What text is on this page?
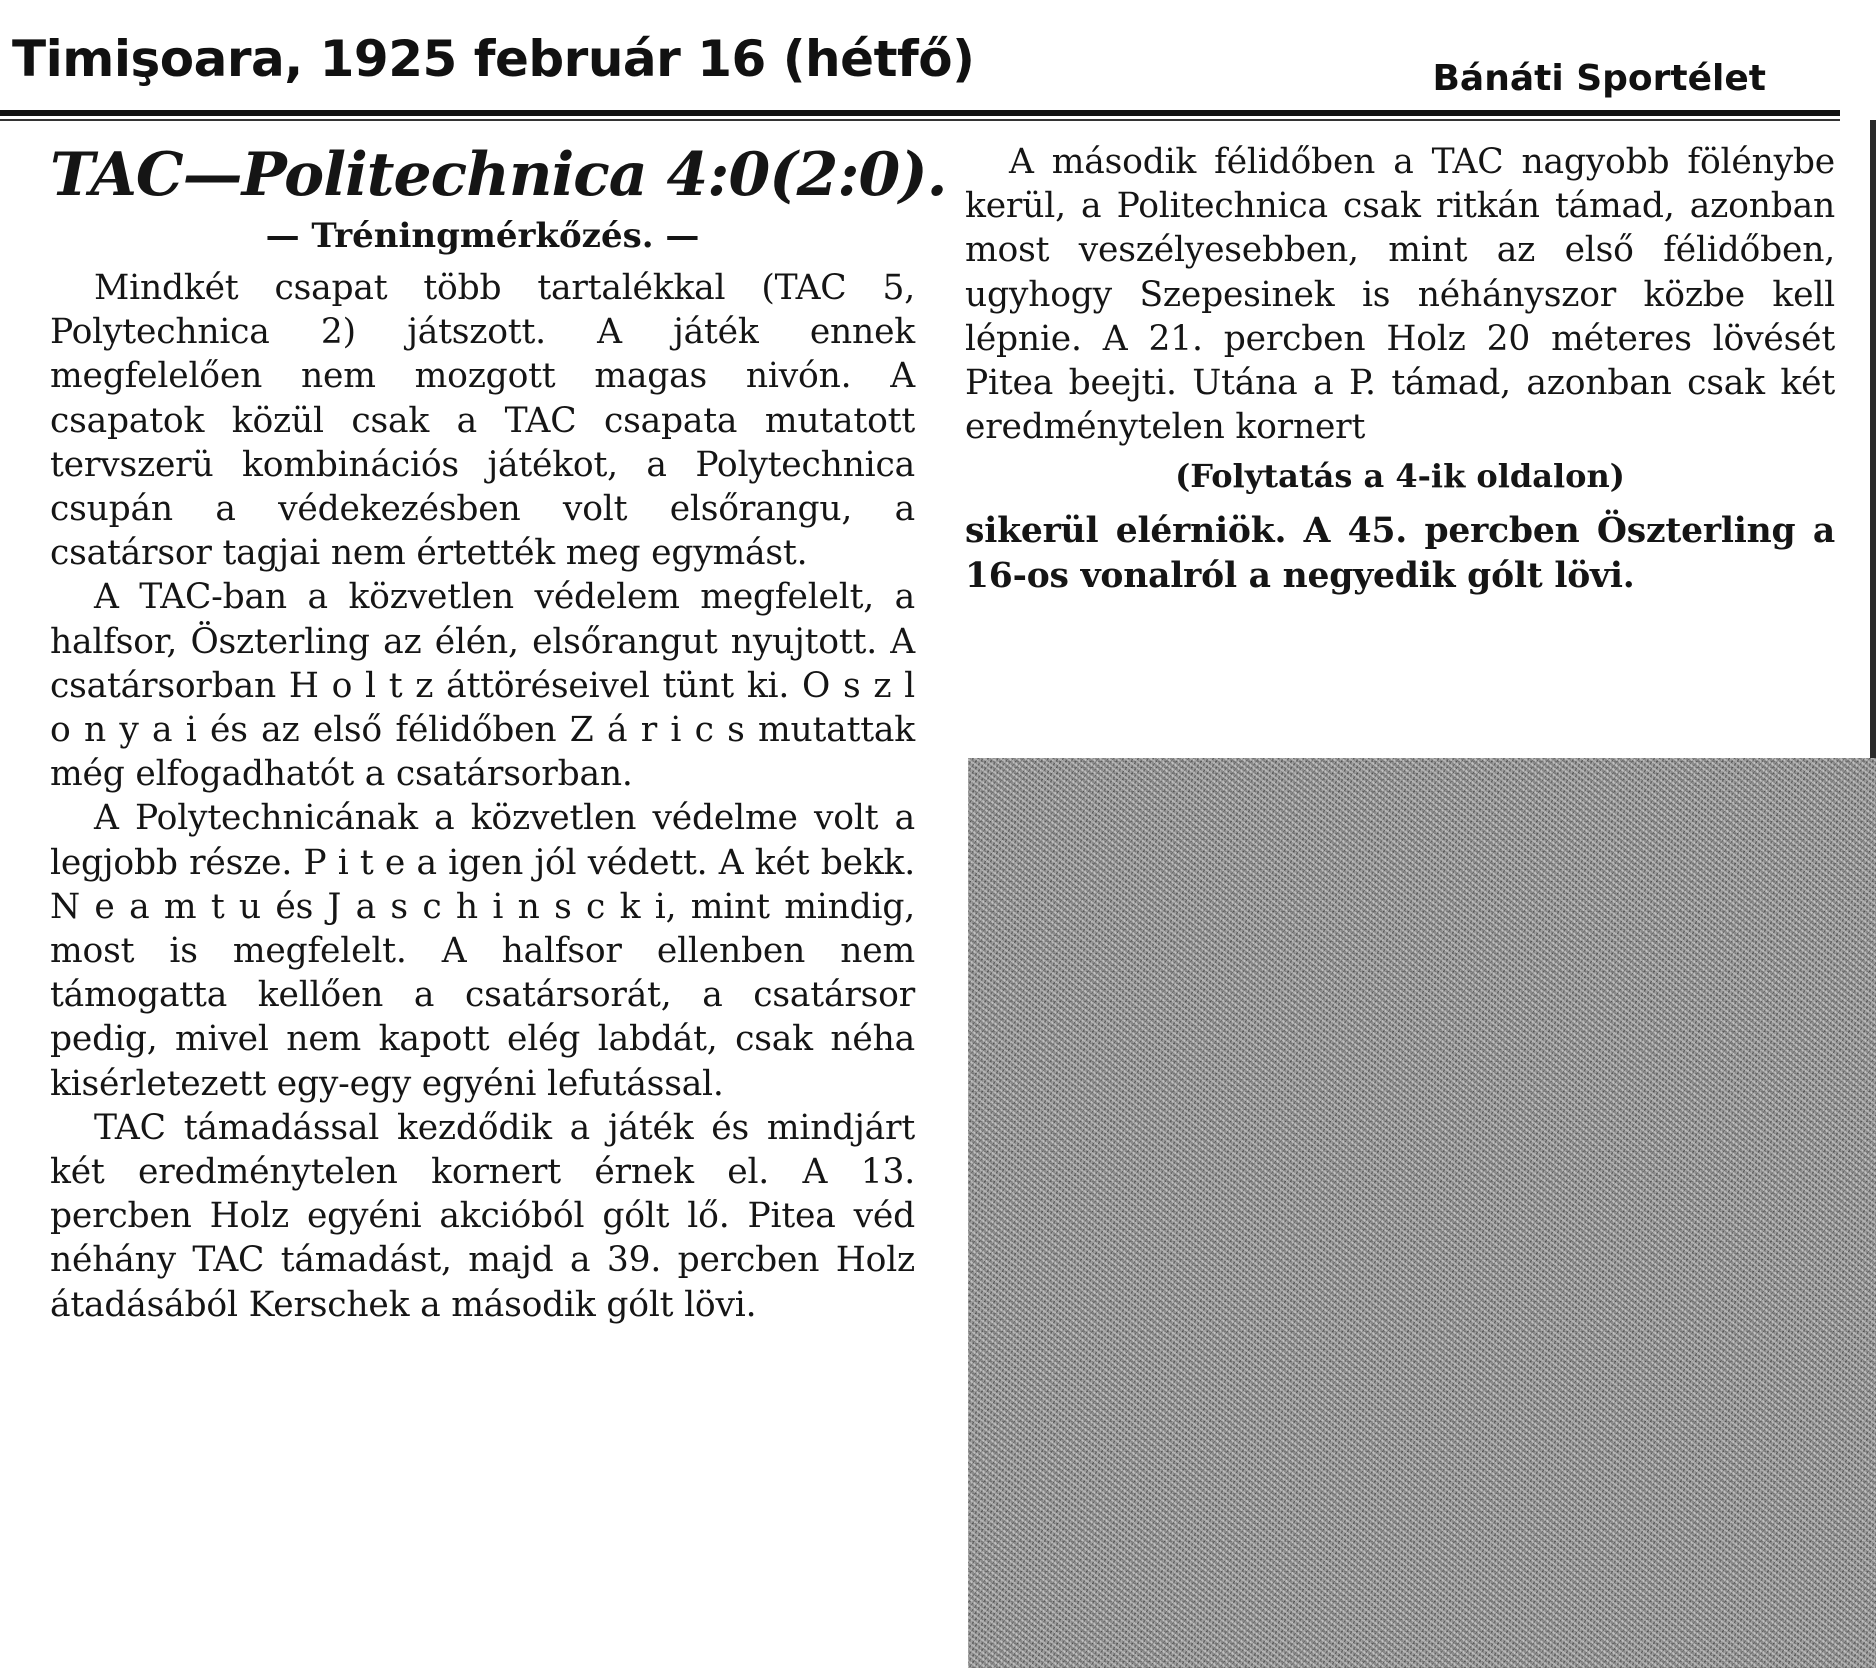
Timişoara, 1925 február 16 (hétfő)	Bánáti Sportélet
TAC—Politechnica 4:0(2:0).
— Tréningmérkőzés. —

Mindkét csapat több tartalékkal (TAC 5, Polytechnica 2) játszott. A játék ennek megfelelően nem mozgott magas nivón. A csapatok közül csak a TAC csapata mutatott tervszerü kombinációs játékot, a Polytechnica csupán a védekezésben volt elsőrangu, a csatársor tagjai nem értették meg egymást.

A TAC-ban a közvetlen védelem megfelelt, a halfsor, Öszterling az élén, elsőrangut nyujtott. A csatársorban H o l t z áttöréseivel tünt ki. O s z l o n y a i és az első félidőben Z á r i c s mutattak még elfogadhatót a csatársorban.

A Polytechnicának a közvetlen védelme volt a legjobb része. P i t e a igen jól védett. A két bekk. N e a m t u és J a s c h i n s c k i, mint mindig, most is megfelelt. A halfsor ellenben nem támogatta kellően a csatársorát, a csatársor pedig, mivel nem kapott elég labdát, csak néha kisérletezett egy-egy egyéni lefutással.

TAC támadással kezdődik a játék és mindjárt két eredménytelen kornert érnek el. A 13. percben Holz egyéni akcióból gólt lő. Pitea véd néhány TAC támadást, majd a 39. percben Holz átadásából Kerschek a második gólt lövi.

A második félidőben a TAC nagyobb fölénybe kerül, a Politechnica csak ritkán támad, azonban most veszélyesebben, mint az első félidőben, ugyhogy Szepesinek is néhányszor közbe kell lépnie. A 21. percben Holz 20 méteres lövését Pitea beejti. Utána a P. támad, azonban csak két eredménytelen kornert

(Folytatás a 4-ik oldalon)

sikerül elérniök. A 45. percben Öszterling a 16-os vonalról a negyedik gólt lövi.
